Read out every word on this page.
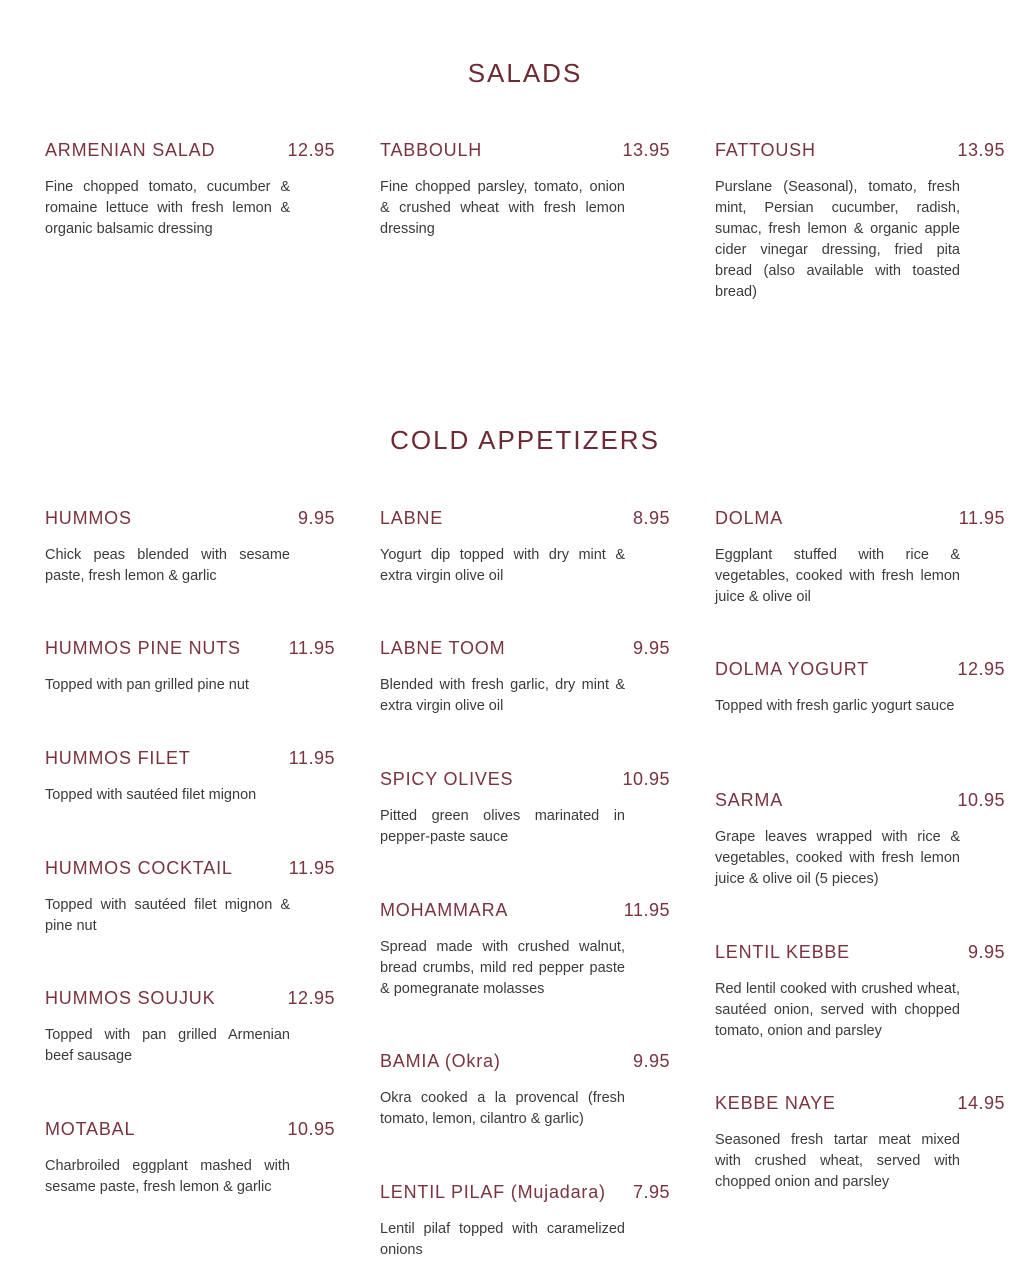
SALADS
ARMENIAN SALAD	12.95
Fine chopped tomato, cucumber & romaine lettuce with fresh lemon & organic balsamic dressing
TABBOULH	13.95
Fine chopped parsley, tomato, onion & crushed wheat with fresh lemon dressing
FATTOUSH	13.95
Purslane (Seasonal), tomato, fresh mint, Persian cucumber, radish, sumac, fresh lemon & organic apple cider vinegar dressing, fried pita bread (also available with toasted bread)
COLD APPETIZERS
HUMMOS	9.95
Chick peas blended with sesame paste, fresh lemon & garlic
HUMMOS PINE NUTS	11.95
Topped with pan grilled pine nut
HUMMOS FILET	11.95
Topped with sautéed filet mignon
HUMMOS COCKTAIL	11.95
Topped with sautéed filet mignon & pine nut
HUMMOS SOUJUK	12.95
Topped with pan grilled Armenian beef sausage
MOTABAL	10.95
Charbroiled eggplant mashed with sesame paste, fresh lemon & garlic
LABNE	8.95
Yogurt dip topped with dry mint & extra virgin olive oil
LABNE TOOM	9.95
Blended with fresh garlic, dry mint & extra virgin olive oil
SPICY OLIVES	10.95
Pitted green olives marinated in pepper-paste sauce
MOHAMMARA	11.95
Spread made with crushed walnut, bread crumbs, mild red pepper paste & pomegranate molasses
BAMIA (Okra)	9.95
Okra cooked a la provencal (fresh tomato, lemon, cilantro & garlic)
LENTIL PILAF (Mujadara) 7.95
Lentil pilaf topped with caramelized onions
DOLMA	11.95
Eggplant stuffed with rice & vegetables, cooked with fresh lemon juice & olive oil
DOLMA YOGURT	12.95
Topped with fresh garlic yogurt sauce
SARMA	10.95
Grape leaves wrapped with rice & vegetables, cooked with fresh lemon juice & olive oil (5 pieces)
LENTIL KEBBE	9.95
Red lentil cooked with crushed wheat, sautéed onion, served with chopped tomato, onion and parsley
KEBBE NAYE	14.95
Seasoned fresh tartar meat mixed with crushed wheat, served with chopped onion and parsley
